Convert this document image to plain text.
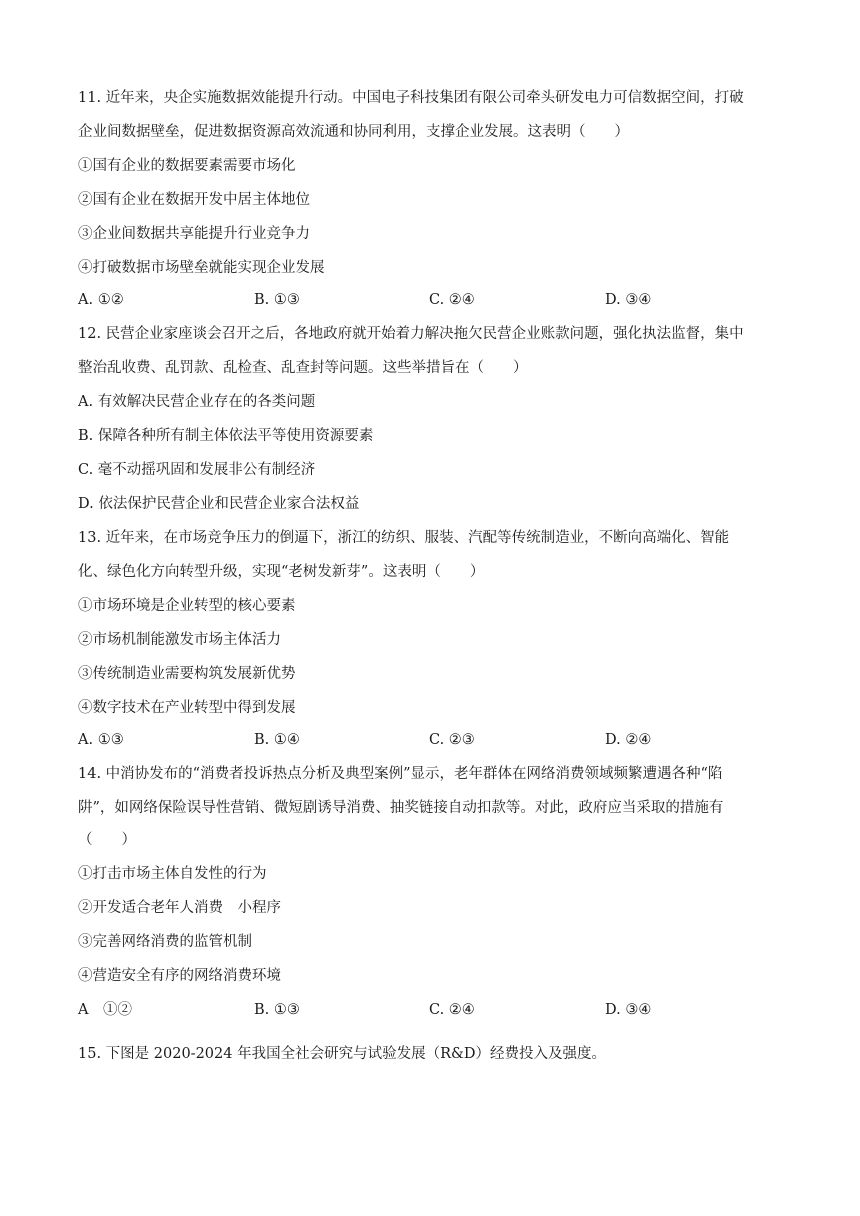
11. 近年来，央企实施数据效能提升行动。中国电子科技集团有限公司牵头研发电力可信数据空间，打破
企业间数据壁垒，促进数据资源高效流通和协同利用，支撑企业发展。这表明（　　）
①国有企业的数据要素需要市场化
②国有企业在数据开发中居主体地位
③企业间数据共享能提升行业竞争力
④打破数据市场壁垒就能实现企业发展
A. ①②	B. ①③	C. ②④	D. ③④
12. 民营企业家座谈会召开之后，各地政府就开始着力解决拖欠民营企业账款问题，强化执法监督，集中
整治乱收费、乱罚款、乱检查、乱查封等问题。这些举措旨在（　　）
A. 有效解决民营企业存在的各类问题
B. 保障各种所有制主体依法平等使用资源要素
C. 毫不动摇巩固和发展非公有制经济
D. 依法保护民营企业和民营企业家合法权益
13. 近年来，在市场竞争压力的倒逼下，浙江的纺织、服装、汽配等传统制造业，不断向高端化、智能
化、绿色化方向转型升级，实现“老树发新芽”。这表明（　　）
①市场环境是企业转型的核心要素
②市场机制能激发市场主体活力
③传统制造业需要构筑发展新优势
④数字技术在产业转型中得到发展
A. ①③	B. ①④	C. ②③	D. ②④
14. 中消协发布的“消费者投诉热点分析及典型案例”显示，老年群体在网络消费领域频繁遭遇各种“陷
阱”，如网络保险误导性营销、微短剧诱导消费、抽奖链接自动扣款等。对此，政府应当采取的措施有
（　　）
①打击市场主体自发性的行为
②开发适合老年人消费　小程序
③完善网络消费的监管机制
④营造安全有序的网络消费环境
A　①②	B. ①③	C. ②④	D. ③④
15. 下图是 2020-2024 年我国全社会研究与试验发展（R&D）经费投入及强度。
